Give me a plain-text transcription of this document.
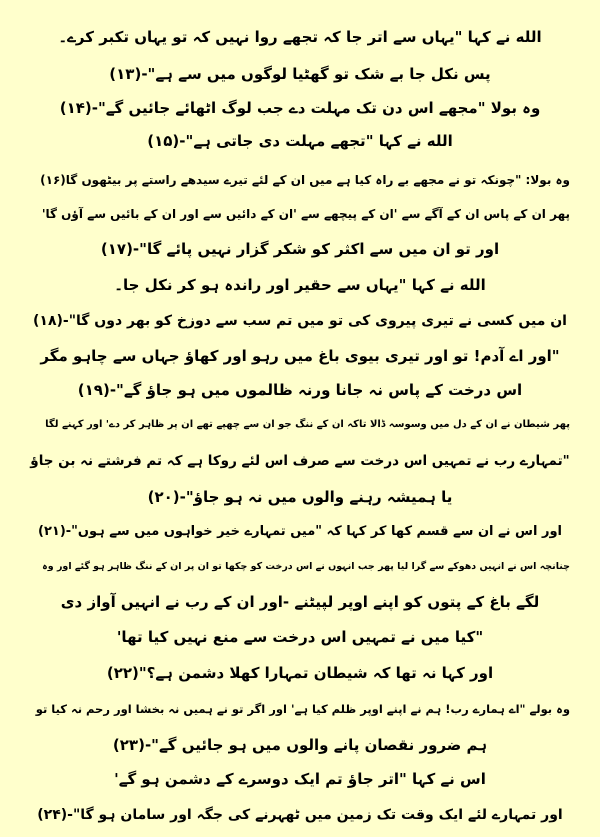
الله نے کہا "یہاں سے اتر جا کہ تجھے روا نہیں کہ تو یہاں تکبر کرے۔
پس نکل جا بے شک تو گھٹیا لوگوں میں سے ہے"-(۱۳)
وہ بولا "مجھے اس دن تک مہلت دے جب لوگ اٹھائے جائیں گے"-(۱۴)
الله نے کہا "تجھے مہلت دی جاتی ہے"-(۱۵)
وہ بولا: "چونکہ تو نے مجھے بے راہ کیا ہے میں ان کے لئے تیرے سیدھے راستے پر بیٹھوں گا(۱۶)
پھر ان کے پاس ان کے آگے سے 'ان کے پیچھے سے 'ان کے دائیں سے اور ان کے بائیں سے آؤں گا'
اور تو ان میں سے اکثر کو شکر گزار نہیں پائے گا"-(۱۷)
الله نے کہا "یہاں سے حقیر اور راندہ ہو کر نکل جا۔
ان میں کسی نے تیری پیروی کی تو میں تم سب سے دوزخ کو بھر دوں گا"-(۱۸)
"اور اے آدم! تو اور تیری بیوی باغ میں رہو اور کھاؤ جہاں سے چاہو مگر
اس درخت کے پاس نہ جانا ورنہ ظالموں میں ہو جاؤ گے"-(۱۹)
پھر شیطان نے ان کے دل میں وسوسہ ڈالا تاکہ ان کے ننگ جو ان سے چھپے تھے ان پر ظاہر کر دے' اور کہنے لگا
"تمہارے رب نے تمہیں اس درخت سے صرف اس لئے روکا ہے کہ تم فرشتے نہ بن جاؤ
یا ہمیشہ رہنے والوں میں نہ ہو جاؤ"-(۲۰)
اور اس نے ان سے قسم کھا کر کہا کہ "میں تمہارے خیر خواہوں میں سے ہوں"-(۲۱)
چنانچہ اس نے انہیں دھوکے سے گرا لیا پھر جب انہوں نے اس درخت کو چکھا تو ان پر ان کے ننگ ظاہر ہو گئے اور وہ
لگے باغ کے پتوں کو اپنے اوپر لپیٹنے -اور ان کے رب نے انہیں آواز دی
"کیا میں نے تمہیں اس درخت سے منع نہیں کیا تھا'
اور کہا نہ تھا کہ شیطان تمہارا کھلا دشمن ہے؟"(۲۲)
وہ بولے "اے ہمارے رب! ہم نے اپنے اوپر ظلم کیا ہے' اور اگر تو نے ہمیں نہ بخشا اور رحم نہ کیا تو
ہم ضرور نقصان پانے والوں میں ہو جائیں گے"-(۲۳)
اس نے کہا "اتر جاؤ تم ایک دوسرے کے دشمن ہو گے'
اور تمہارے لئے ایک وقت تک زمین میں ٹھہرنے کی جگہ اور سامان ہو گا"-(۲۴)
